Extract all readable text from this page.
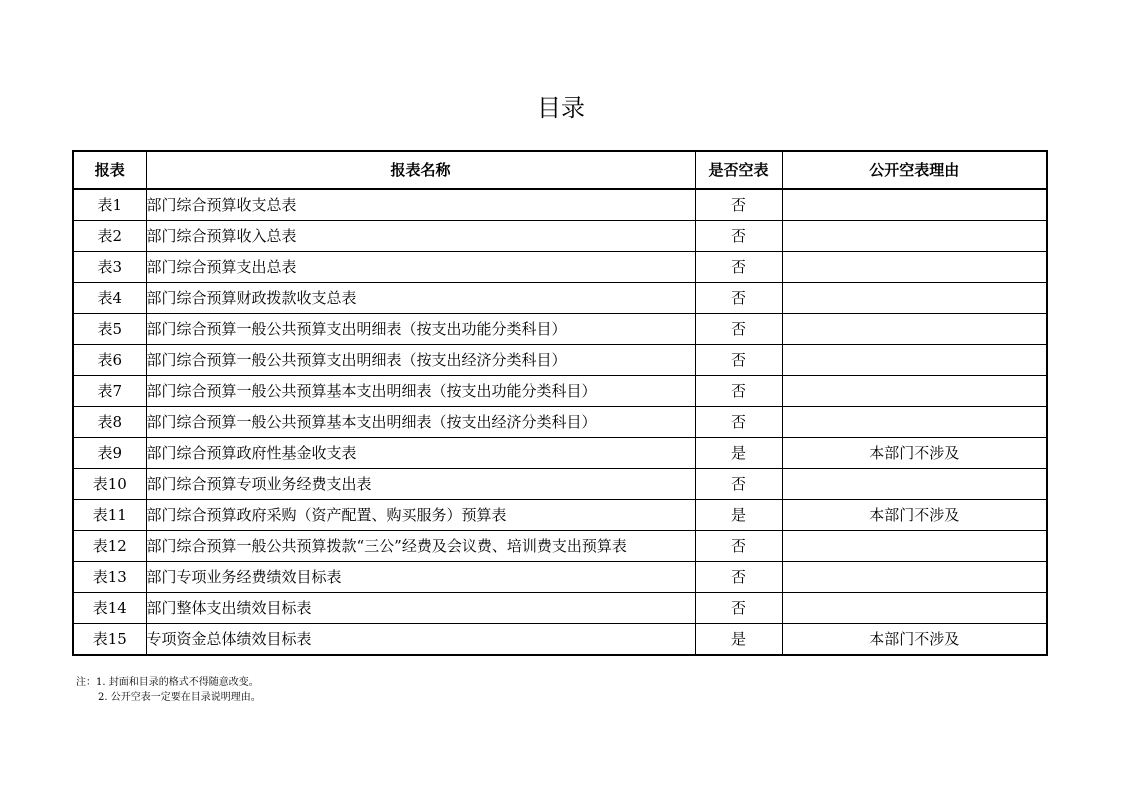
目录
报表	报表名称	是否空表	公开空表理由
表1	部门综合预算收支总表	否	
表2	部门综合预算收入总表	否	
表3	部门综合预算支出总表	否	
表4	部门综合预算财政拨款收支总表	否	
表5	部门综合预算一般公共预算支出明细表（按支出功能分类科目）	否	
表6	部门综合预算一般公共预算支出明细表（按支出经济分类科目）	否	
表7	部门综合预算一般公共预算基本支出明细表（按支出功能分类科目）	否	
表8	部门综合预算一般公共预算基本支出明细表（按支出经济分类科目）	否	
表9	部门综合预算政府性基金收支表	是	本部门不涉及
表10	部门综合预算专项业务经费支出表	否	
表11	部门综合预算政府采购（资产配置、购买服务）预算表	是	本部门不涉及
表12	部门综合预算一般公共预算拨款“三公”经费及会议费、培训费支出预算表	否	
表13	部门专项业务经费绩效目标表	否	
表14	部门整体支出绩效目标表	否	
表15	专项资金总体绩效目标表	是	本部门不涉及
注：1. 封面和目录的格式不得随意改变。
2. 公开空表一定要在目录说明理由。
